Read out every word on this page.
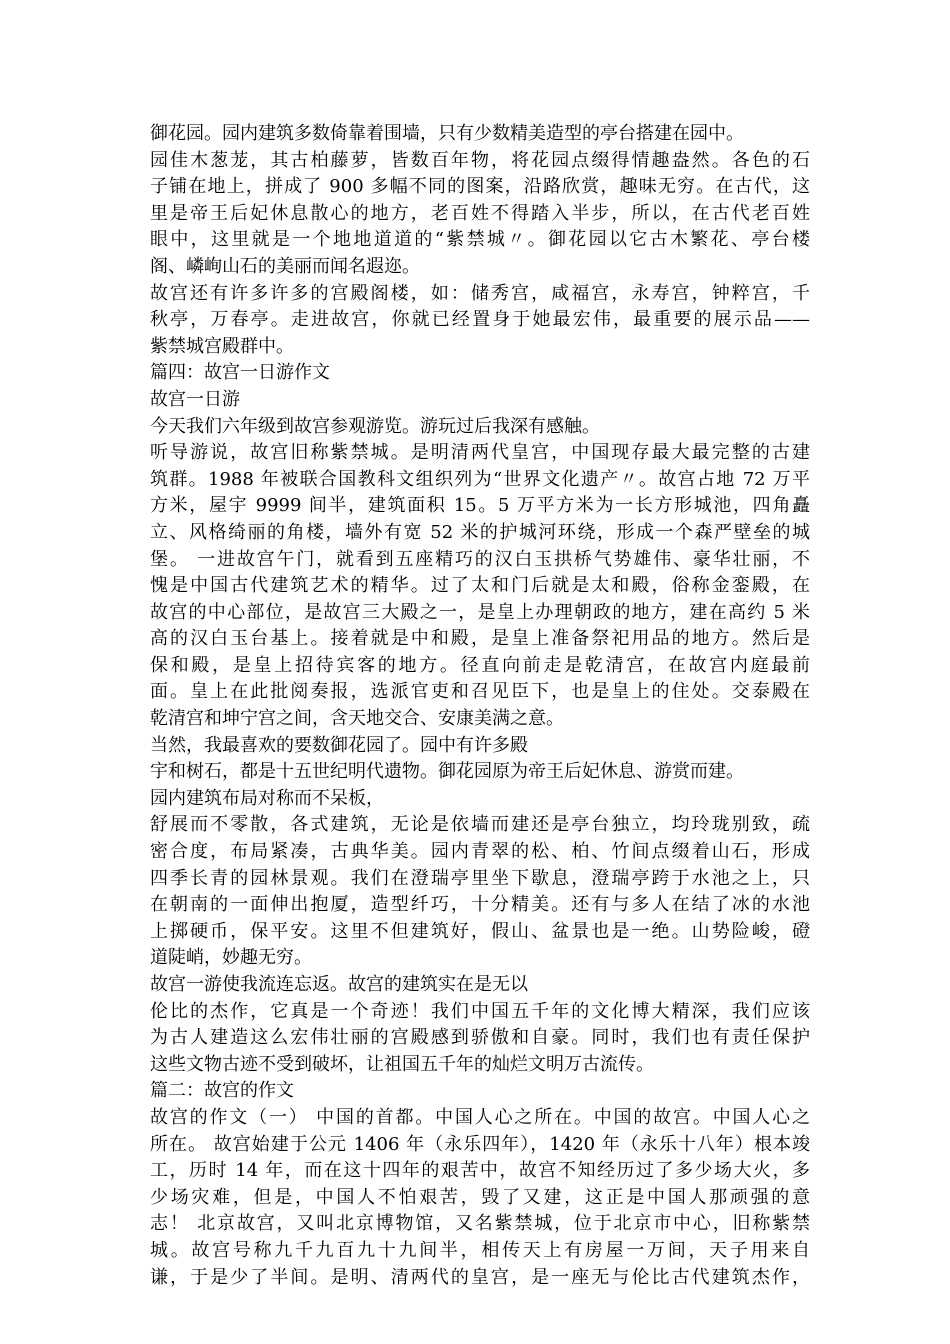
御花园。园内建筑多数倚靠着围墙，只有少数精美造型的亭台搭建在园中。
园佳木葱茏，其古柏藤萝，皆数百年物，将花园点缀得情趣盎然。各色的石
子铺在地上，拼成了 900 多幅不同的图案，沿路欣赏，趣味无穷。在古代，这
里是帝王后妃休息散心的地方，老百姓不得踏入半步，所以，在古代老百姓
眼中，这里就是一个地地道道的“紫禁城〃。御花园以它古木繁花、亭台楼
阁、嶙峋山石的美丽而闻名遐迩。
故宫还有许多许多的宫殿阁楼，如：储秀宫，咸福宫，永寿宫，钟粹宫，千
秋亭，万春亭。走进故宫，你就已经置身于她最宏伟，最重要的展示品——
紫禁城宫殿群中。
篇四：故宫一日游作文
故宫一日游
今天我们六年级到故宫参观游览。游玩过后我深有感触。
听导游说，故宫旧称紫禁城。是明清两代皇宫，中国现存最大最完整的古建
筑群。1988 年被联合国教科文组织列为“世界文化遗产〃。故宫占地 72 万平
方米，屋宇 9999 间半，建筑面积 15。5 万平方米为一长方形城池，四角矗
立、风格绮丽的角楼，墙外有宽 52 米的护城河环绕，形成一个森严壁垒的城
堡。 一进故宫午门，就看到五座精巧的汉白玉拱桥气势雄伟、豪华壮丽，不
愧是中国古代建筑艺术的精华。过了太和门后就是太和殿，俗称金銮殿，在
故宫的中心部位，是故宫三大殿之一，是皇上办理朝政的地方，建在高约 5 米
高的汉白玉台基上。接着就是中和殿，是皇上准备祭祀用品的地方。然后是
保和殿，是皇上招待宾客的地方。径直向前走是乾清宫，在故宫内庭最前
面。皇上在此批阅奏报，选派官吏和召见臣下，也是皇上的住处。交泰殿在
乾清宫和坤宁宫之间，含天地交合、安康美满之意。
当然，我最喜欢的要数御花园了。园中有许多殿
宇和树石，都是十五世纪明代遗物。御花园原为帝王后妃休息、游赏而建。
园内建筑布局对称而不呆板，
舒展而不零散，各式建筑，无论是依墙而建还是亭台独立，均玲珑别致，疏
密合度，布局紧凑，古典华美。园内青翠的松、柏、竹间点缀着山石，形成
四季长青的园林景观。我们在澄瑞亭里坐下歇息，澄瑞亭跨于水池之上，只
在朝南的一面伸出抱厦，造型纤巧，十分精美。还有与多人在结了冰的水池
上掷硬币，保平安。这里不但建筑好，假山、盆景也是一绝。山势险峻，磴
道陡峭，妙趣无穷。
故宫一游使我流连忘返。故宫的建筑实在是无以
伦比的杰作，它真是一个奇迹！我们中国五千年的文化博大精深，我们应该
为古人建造这么宏伟壮丽的宫殿感到骄傲和自豪。同时，我们也有责任保护
这些文物古迹不受到破坏，让祖国五千年的灿烂文明万古流传。
篇二：故宫的作文
故宫的作文（一） 中国的首都。中国人心之所在。中国的故宫。中国人心之
所在。 故宫始建于公元 1406 年（永乐四年），1420 年（永乐十八年）根本竣
工，历时 14 年，而在这十四年的艰苦中，故宫不知经历过了多少场大火，多
少场灾难，但是，中国人不怕艰苦，毁了又建，这正是中国人那顽强的意
志！ 北京故宫，又叫北京博物馆，又名紫禁城，位于北京市中心，旧称紫禁
城。故宫号称九千九百九十九间半，相传天上有房屋一万间，天子用来自
谦，于是少了半间。是明、清两代的皇宫，是一座无与伦比古代建筑杰作，
